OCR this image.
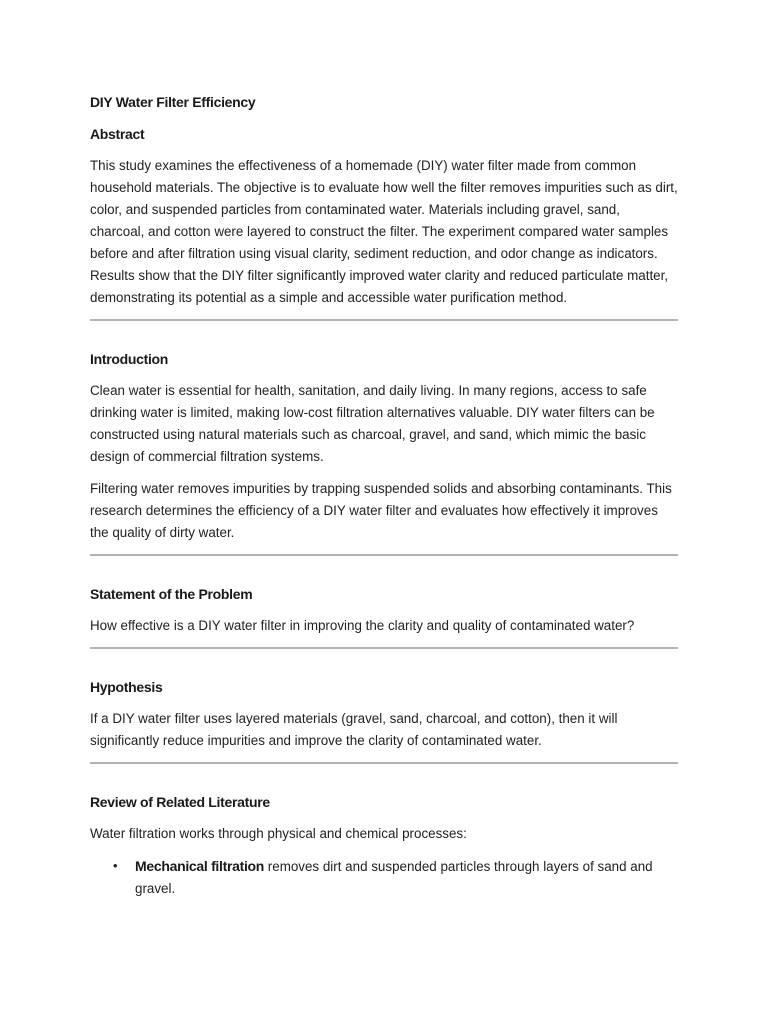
DIY Water Filter Efficiency
Abstract

This study examines the effectiveness of a homemade (DIY) water filter made from common household materials. The objective is to evaluate how well the filter removes impurities such as dirt, color, and suspended particles from contaminated water. Materials including gravel, sand, charcoal, and cotton were layered to construct the filter. The experiment compared water samples before and after filtration using visual clarity, sediment reduction, and odor change as indicators. Results show that the DIY filter significantly improved water clarity and reduced particulate matter, demonstrating its potential as a simple and accessible water purification method.

Introduction

Clean water is essential for health, sanitation, and daily living. In many regions, access to safe drinking water is limited, making low-cost filtration alternatives valuable. DIY water filters can be constructed using natural materials such as charcoal, gravel, and sand, which mimic the basic design of commercial filtration systems.

Filtering water removes impurities by trapping suspended solids and absorbing contaminants. This research determines the efficiency of a DIY water filter and evaluates how effectively it improves the quality of dirty water.

Statement of the Problem

How effective is a DIY water filter in improving the clarity and quality of contaminated water?

Hypothesis

If a DIY water filter uses layered materials (gravel, sand, charcoal, and cotton), then it will significantly reduce impurities and improve the clarity of contaminated water.

Review of Related Literature

Water filtration works through physical and chemical processes:

• Mechanical filtration removes dirt and suspended particles through layers of sand and gravel.
